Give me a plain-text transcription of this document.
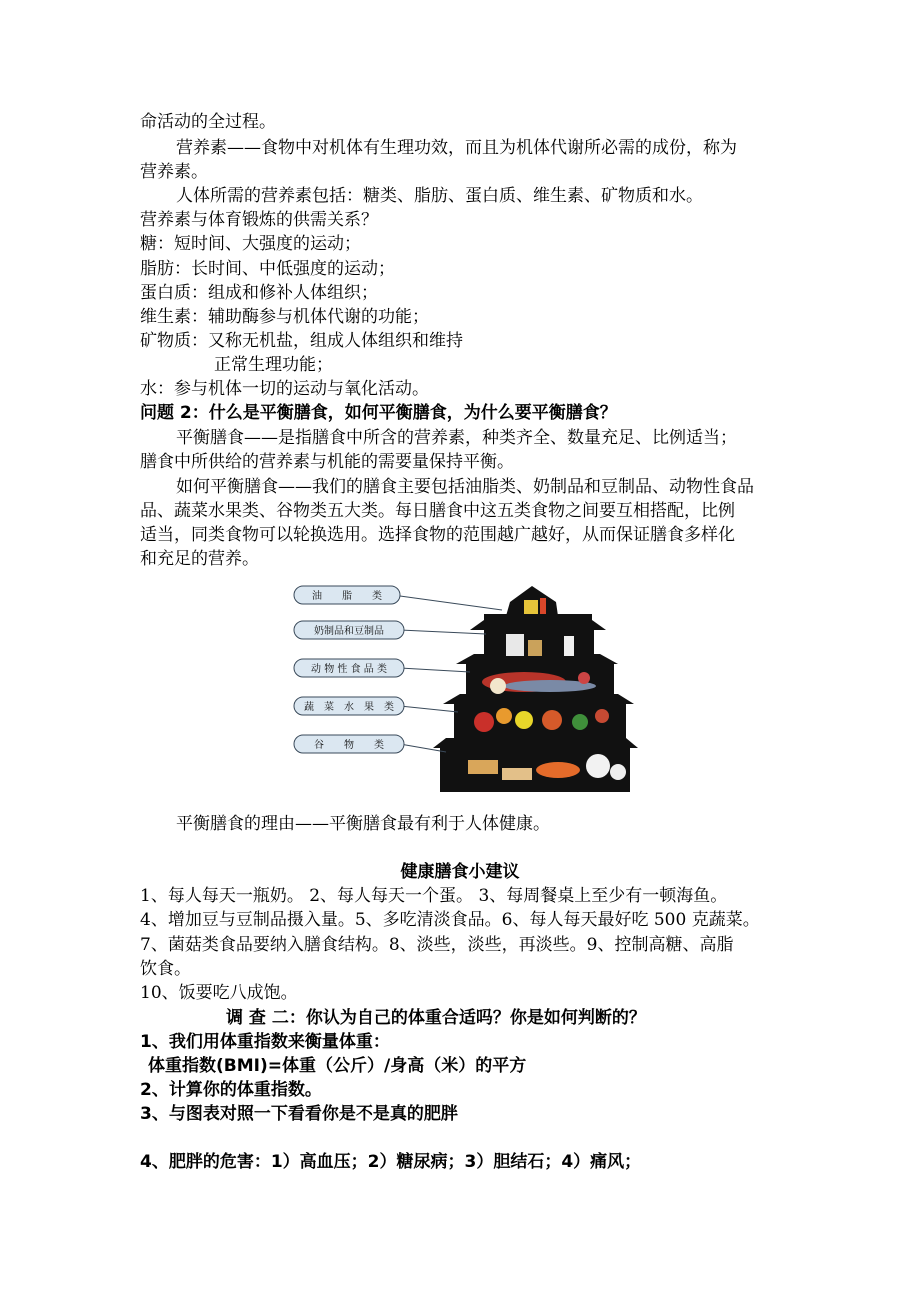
命活动的全过程。
营养素——食物中对机体有生理功效，而且为机体代谢所必需的成份，称为
营养素。
人体所需的营养素包括：糖类、脂肪、蛋白质、维生素、矿物质和水。
营养素与体育锻炼的供需关系？
糖：短时间、大强度的运动；
脂肪：长时间、中低强度的运动；
蛋白质：组成和修补人体组织；
维生素：辅助酶参与机体代谢的功能；
矿物质：又称无机盐，组成人体组织和维持
正常生理功能；
水：参与机体一切的运动与氧化活动。
问题 2：什么是平衡膳食，如何平衡膳食，为什么要平衡膳食？
平衡膳食——是指膳食中所含的营养素，种类齐全、数量充足、比例适当；
膳食中所供给的营养素与机能的需要量保持平衡。
如何平衡膳食——我们的膳食主要包括油脂类、奶制品和豆制品、动物性食品
品、蔬菜水果类、谷物类五大类。每日膳食中这五类食物之间要互相搭配，比例
适当，同类食物可以轮换选用。选择食物的范围越广越好，从而保证膳食多样化
和充足的营养。
油　　脂　　类
奶制品和豆制品
动 物 性 食 品 类
蔬　菜　水　果　类
谷　　物　　类
平衡膳食的理由——平衡膳食最有利于人体健康。
健康膳食小建议
1、每人每天一瓶奶。 2、每人每天一个蛋。 3、每周餐桌上至少有一顿海鱼。
4、增加豆与豆制品摄入量。5、多吃清淡食品。6、每人每天最好吃 500 克蔬菜。
7、菌菇类食品要纳入膳食结构。8、淡些，淡些，再淡些。9、控制高糖、高脂
饮食。
10、饭要吃八成饱。
调 查 二：你认为自己的体重合适吗？你是如何判断的？
1、我们用体重指数来衡量体重：
体重指数(BMI)=体重（公斤）/身高（米）的平方
2、计算你的体重指数。
3、与图表对照一下看看你是不是真的肥胖
4、肥胖的危害：1）高血压；2）糖尿病；3）胆结石；4）痛风；
